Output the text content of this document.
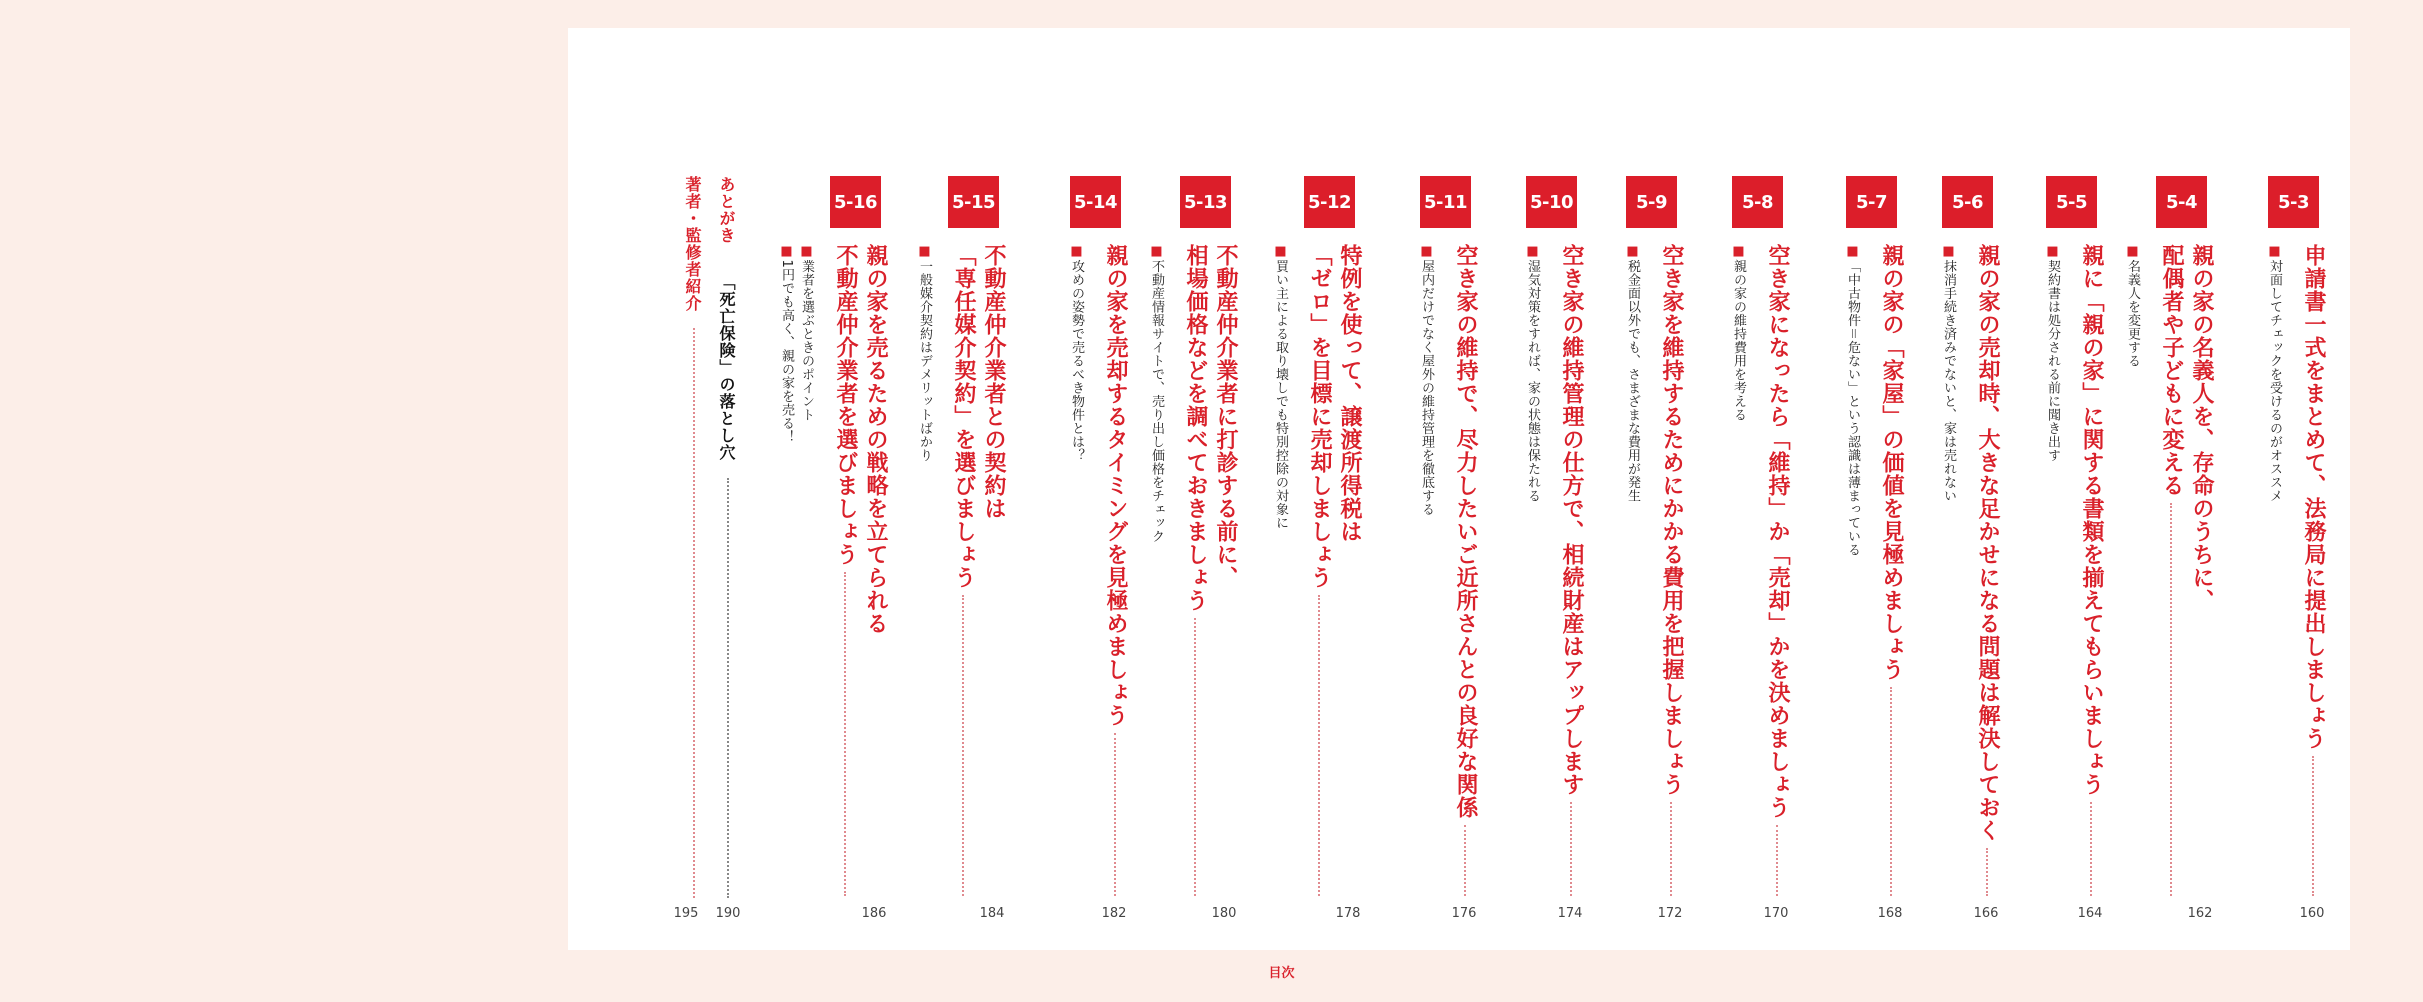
5-3
申請書一式をまとめて、法務局に提出しましょう
■対面してチェックを受けるのがオススメ
160
5-4
親の家の名義人を、存命のうちに、
配偶者や子どもに変える
■名義人を変更する
162
5-5
親に「親の家」に関する書類を揃えてもらいましょう
■契約書は処分される前に聞き出す
164
5-6
親の家の売却時、大きな足かせになる問題は解決しておく
■抹消手続き済みでないと、家は売れない
166
5-7
親の家の「家屋」の価値を見極めましょう
■「中古物件＝危ない」という認識は薄まっている
168
5-8
空き家になったら「維持」か「売却」かを決めましょう
■親の家の維持費用を考える
170
5-9
空き家を維持するためにかかる費用を把握しましょう
■税金面以外でも、さまざまな費用が発生
172
5-10
空き家の維持管理の仕方で、相続財産はアップします
■湿気対策をすれば、家の状態は保たれる
174
5-11
空き家の維持で、尽力したいご近所さんとの良好な関係
■屋内だけでなく屋外の維持管理を徹底する
176
5-12
特例を使って、譲渡所得税は
「ゼロ」を目標に売却しましょう
■買い主による取り壊しでも特別控除の対象に
178
5-13
不動産仲介業者に打診する前に、
相場価格などを調べておきましょう
■不動産情報サイトで、売り出し価格をチェック
180
5-14
親の家を売却するタイミングを見極めましょう
■攻めの姿勢で売るべき物件とは？
182
5-15
不動産仲介業者との契約は
「専任媒介契約」を選びましょう
■一般媒介契約はデメリットばかり
184
5-16
親の家を売るための戦略を立てられる
不動産仲介業者を選びましょう
■業者を選ぶときのポイント
■1円でも高く、親の家を売る！
186
あとがき
「死亡保険」の落とし穴
190
著者・監修者紹介
195
目次
